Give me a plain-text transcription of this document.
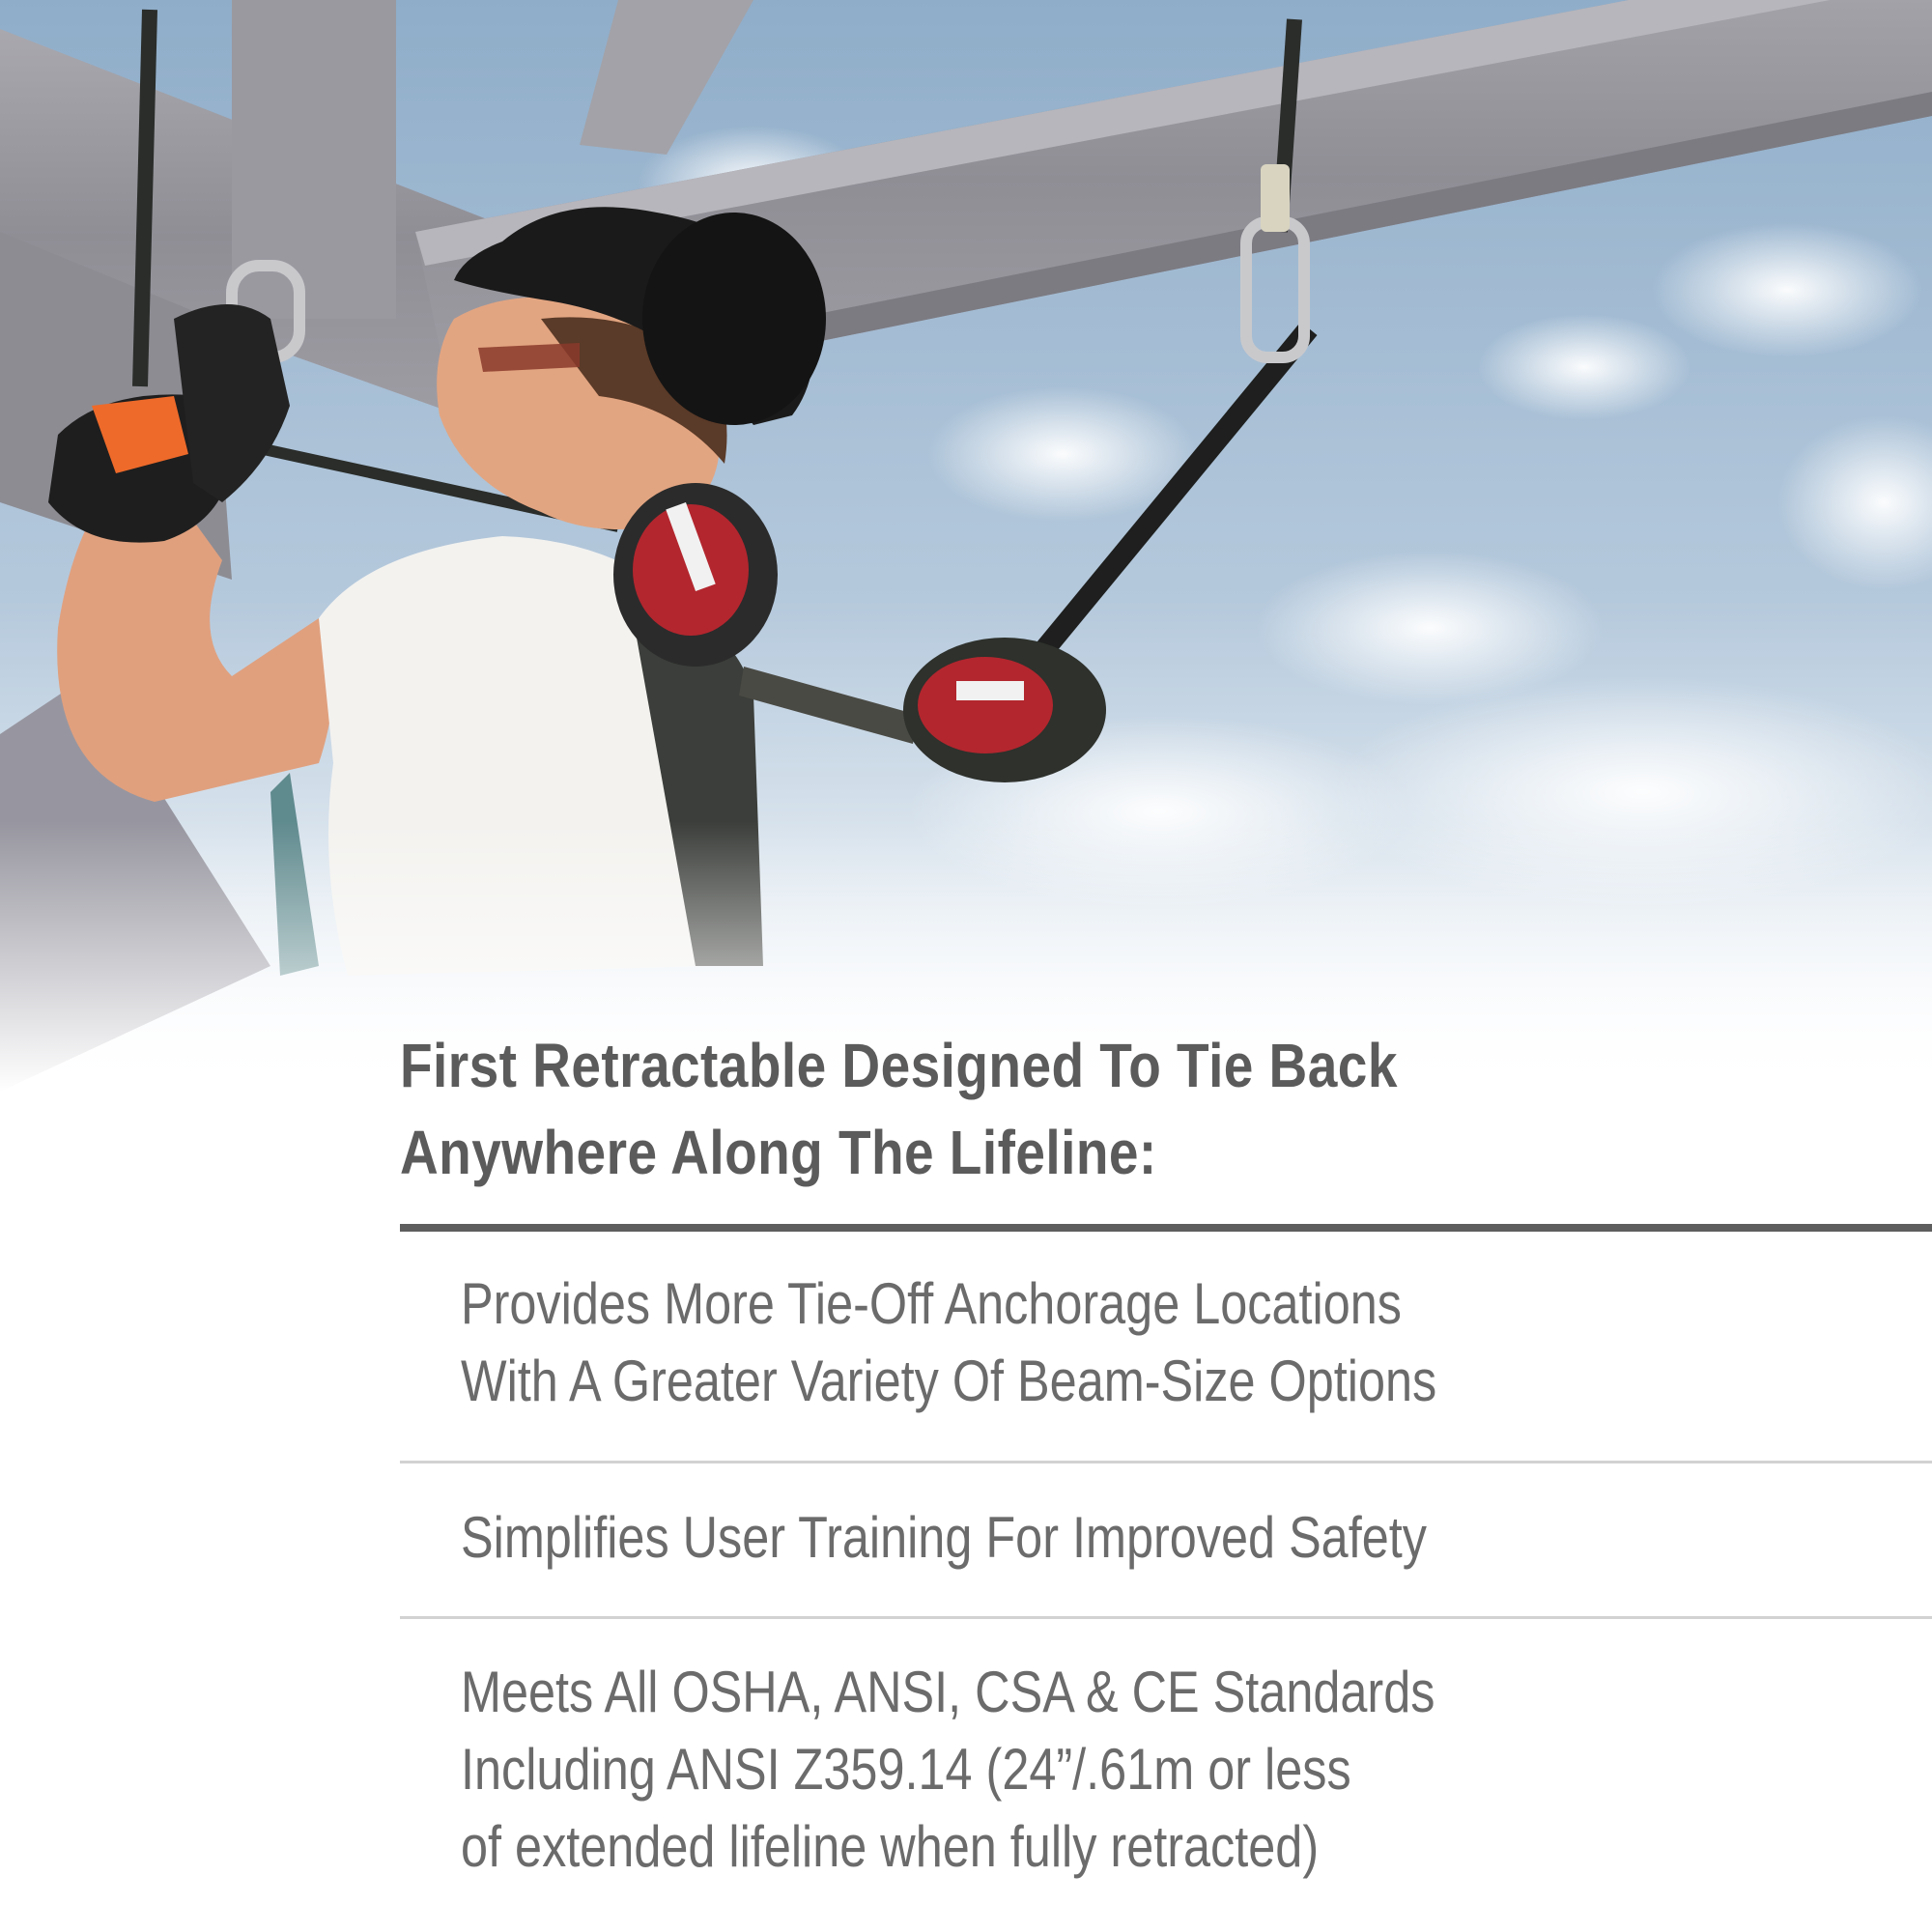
First Retractable Designed To Tie Back
Anywhere Along The Lifeline:
Provides More Tie-Off Anchorage Locations
With A Greater Variety Of Beam-Size Options
Simplifies User Training For Improved Safety
Meets All OSHA, ANSI, CSA & CE Standards
Including ANSI Z359.14 (24”/.61m or less
of extended lifeline when fully retracted)
